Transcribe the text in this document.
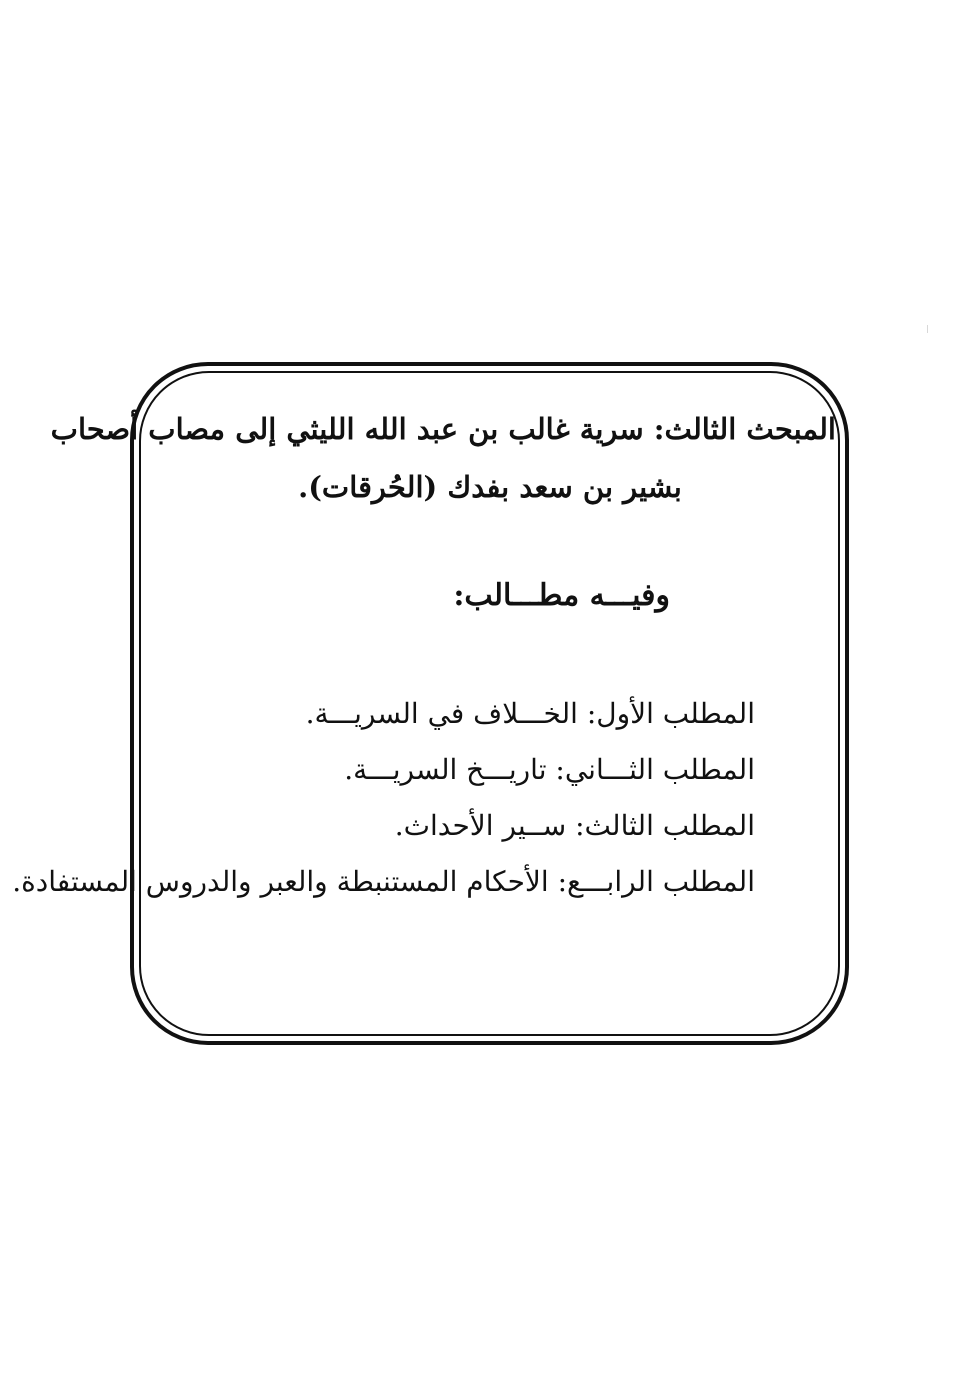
المبحث الثالث: سرية غالب بن عبد الله الليثي إلى مصاب أصحاب
بشير بن سعد بفدك (الحُرقات).
وفيـــه مطـــالب:
المطلب الأول: الخـــلاف في السريـــة.
المطلب الثـــاني: تاريـــخ السريـــة.
المطلب الثالث: ســير الأحداث.
المطلب الرابـــع: الأحكام المستنبطة والعبر والدروس المستفادة.
